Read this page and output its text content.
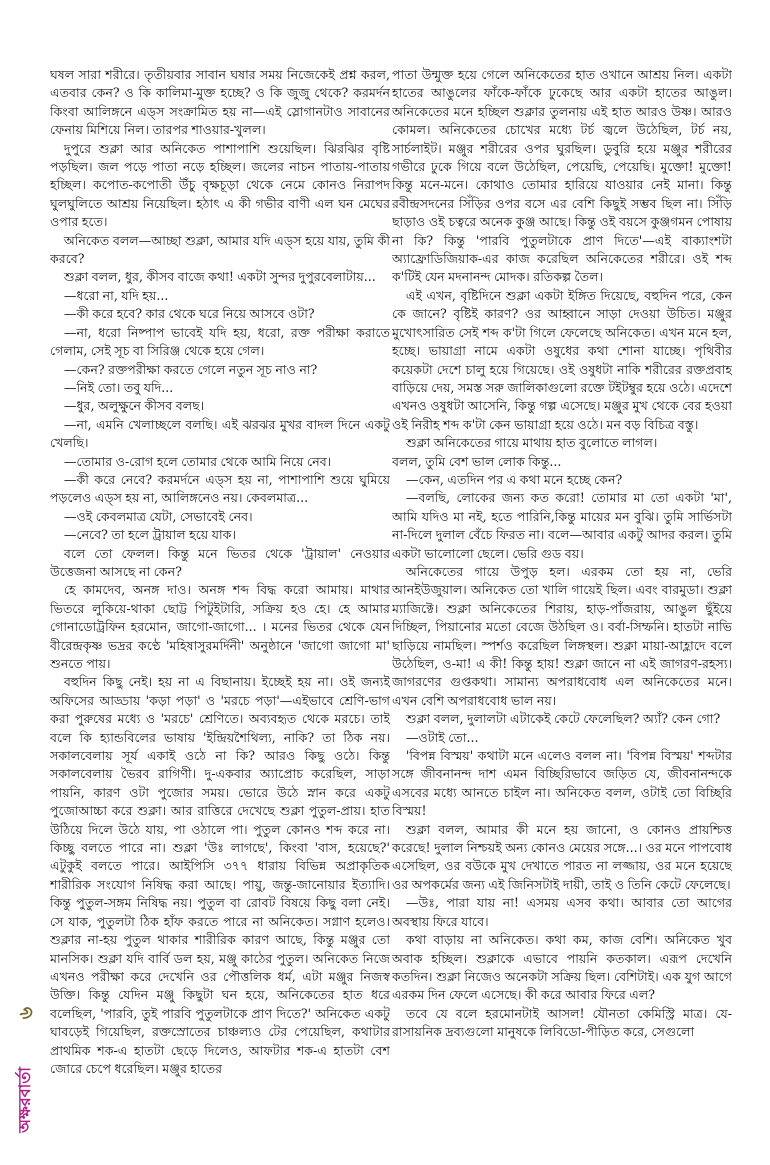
ঘষল সারা শরীরে। তৃতীয়বার সাবান ঘষার সময় নিজেকেই প্রশ্ন করল, এতবার কেন? ও কি কালিমা-মুক্ত হচ্ছে? ও কি জুজু থেকে? করমর্দন কিংবা আলিঙ্গনে এড্‌স সংক্রামিত হয় না—এই স্লোগানটাও সাবানের ফেনায় মিশিয়ে নিল। তারপর শাওয়ার-খুলল।

দুপুরে শুক্লা আর অনিকেত পাশাপাশি শুয়েছিল। ঝিরঝির বৃষ্টি পড়ছিল। জল পড়ে পাতা নড়ে হচ্ছিল। জলের নাচন পাতায়-পাতায় হচ্ছিল। কপোত-কপোতী উঁচু বৃক্ষচূড়া থেকে নেমে কোনও নিরাপদ ঘুলঘুলিতে আশ্রয় নিয়েছিল। হঠাৎ এ কী গভীর বাণী এল ঘন মেঘের ওপার হতে।

অনিকেত বলল—আচ্ছা শুক্লা, আমার যদি এড্‌স হয়ে যায়, তুমি কী করবে?

শুক্লা বলল, ধুর, কীসব বাজে কথা! একটা সুন্দর দুপুরবেলাটায়...

—ধরো না, যদি হয়...

—কী করে হবে? কার থেকে ঘরে নিয়ে আসবে ওটা?

—না, ধরো নিষ্পাপ ভাবেই যদি হয়, ধরো, রক্ত পরীক্ষা করাতে গেলাম, সেই সূচ বা সিরিঞ্জ থেকে হয়ে গেল।

—কেন? রক্তপরীক্ষা করতে গেলে নতুন সূচ নাও না?

—নিই তো। তবু যদি...

—ধুর, অলুক্ষুনে কীসব বলছ।

—না, এমনি খেলাচ্ছলে বলছি। এই ঝরঝর মুখর বাদল দিনে একটু খেলছি।

—তোমার ও-রোগ হলে তোমার থেকে আমি নিয়ে নেব।

—কী করে নেবে? করমর্দনে এড্‌স হয় না, পাশাপাশি শুয়ে ঘুমিয়ে পড়লেও এড্‌স হয় না, আলিঙ্গনেও নয়। কেবলমাত্র...

—ওই কেবলমাত্র যেটা, সেভাবেই নেব।

—নেবে? তা হলে ট্রায়াল হয়ে যাক।

বলে তো ফেলল। কিন্তু মনে ভিতর থেকে 'ট্রায়াল' নেওয়ার উত্তেজনা আসছে না কেন?

হে কামদেব, অনঙ্গ দাও। অনঙ্গ শব্দ বিদ্ধ করো আমায়। মাথার ভিতরে লুকিয়ে-থাকা ছোট্ট পিটুইটারি, সক্রিয় হও হে। হে আমার গোনাডোট্রফিন হরমোন, জাগো-জাগো... । মনের ভিতর থেকে যেন বীরেন্দ্রকৃষ্ণ ভদ্রর কণ্ঠে 'মহিষাসুরমর্দিনী' অনুষ্ঠানে 'জাগো জাগো মা' শুনতে পায়।

বহুদিন কিছু নেই। হয় না এ বিছানায়। ইচ্ছেই হয় না। ওই জন্যই অফিসের আড্ডায় 'কড়া পড়া' ও 'মরচে পড়া'—এইভাবে শ্রেণি-ভাগ করা পুরুষের মধ্যে ও 'মরচে' শ্রেণিতে। অব্যবহৃত থেকে মরচে। তাই বলে কি হ্যান্ডবিলের ভাষায় 'ইন্দ্রিয়শৈথিল্য, নাকি? তা ঠিক নয়। সকালবেলায় সূর্য একাই ওঠে না কি? আরও কিছু ওঠে। কিন্তু সকালবেলায় ভৈরব রাগিণী। দু-একবার অ্যাপ্রোচ করেছিল, সাড়া পায়নি, কারণ ওটা পুজোর সময়। ভোরে উঠে স্নান করে একটু পুজোআচ্চা করে শুক্লা। আর রাত্তিরে দেখেছে শুক্লা পুতুল-প্রায়। হাত উঠিয়ে দিলে উঠে যায়, পা ওঠালে পা। পুতুল কোনও শব্দ করে না। কিচ্ছু বলতে পারে না। শুক্লা 'উঃ লাগছে', কিংবা 'বাস, হয়েছে?' এটুকুই বলতে পারে। আইপিসি ৩৭৭ ধারায় বিভিন্ন অপ্রাকৃতিক শারীরিক সংযোগ নিষিদ্ধ করা আছে। পায়ু, জন্তু-জানোয়ার ইত্যাদি। কিন্তু পুতুল-সঙ্গম নিষিদ্ধ নয়। পুতুল বা রোবট বিষয়ে কিছু বলা নেই। সে যাক, পুতুলটা ঠিক হাঁফ করতে পারে না অনিকেত। সগ্নাণ হলেও। শুক্লার না-হয় পুতুল থাকার শারীরিক কারণ আছে, কিন্তু মঞ্জুর তো মানসিক। শুক্লা যদি বাৰ্বি ডল হয়, মঞ্জু কাঠের পুতুল। অনিকেত নিজে এখনও পরীক্ষা করে দেখেনি ওর পৌত্তলিক ধর্ম, এটা মঞ্জুর নিজস্ব উক্তি। কিন্তু যেদিন মঞ্জু কিছুটা ঘন হয়ে, অনিকেতের হাত ধরে বলেছিল, 'পারবি, তুই পারবি পুতুলটাকে প্রাণ দিতে?' অনিকেত একটু ঘাবড়েই গিয়েছিল, রক্তস্রোতের চাঞ্চল্যও টের পেয়েছিল, কথাটার প্রাথমিক শক-এ হাতটা ছেড়ে দিলেও, আফটার শক-এ হাতটা বেশ জোরে চেপে ধরেছিল। মঞ্জুর হাতের

পাতা উন্মুক্ত হয়ে গেলে অনিকেতের হাত ওখানে আশ্রয় নিল। একটা হাতের আঙুলের ফাঁকে-ফাঁকে ঢুকেছে আর একটা হাতের আঙুল। অনিকেতের মনে হচ্ছিল শুক্লার তুলনায় এই হাত আরও উষ্ণ। আরও কোমল। অনিকেতের চোখের মধ্যে টর্চ জ্বলে উঠেছিল, টর্চ নয়, সার্চলাইট। মঞ্জুর শরীরের ওপর ঘুরছিল। ডুবুরি হয়ে মঞ্জুর শরীরের গভীরে ঢুকে গিয়ে বলে উঠেছিল, পেয়েছি, পেয়েছি। মুক্তো! মুক্তো! কিন্তু মনে-মনে। কোথাও তোমার হারিয়ে যাওয়ার নেই মানা। কিন্তু রবীন্দ্রসদনের সিঁড়ির ওপর বসে এর বেশি কিছুই সম্ভব ছিল না। সিঁড়ি ছাড়াও ওই চত্বরে অনেক কুঞ্জ আছে। কিন্তু ওই বয়সে কুঞ্জগমন পোষায় না কি? কিন্তু 'পারবি পুতুলটাকে প্রাণ দিতে'—এই বাক্যাংশটা অ্যাফ্রোডিজিয়াক-এর কাজ করেছিল অনিকেতের শরীরে। ওই শব্দ ক'টিই যেন মদনানন্দ মোদক। রতিকল্প তৈল।

এই এখন, বৃষ্টিদিনে শুক্লা একটা ইঙ্গিত দিয়েছে, বহুদিন পরে, কেন কে জানে? বৃষ্টিই কারণ? ওর আহ্বানে সাড়া দেওয়া উচিত। মঞ্জুর মুখোৎসারিত সেই শব্দ ক'টা গিলে ফেলেছে অনিকেত। এখন মনে হল, হচ্ছে। ভায়াগ্রা নামে একটা ওষুধের কথা শোনা যাচ্ছে। পৃথিবীর কয়েকটা দেশে চালু হয়ে গিয়েছে। ওই ওষুধটা নাকি শরীরের রক্তপ্রবাহ বাড়িয়ে দেয়, সমস্ত সরু জালিকাগুলো রক্তে টইটম্বুর হয়ে ওঠে। এদেশে এখনও ওষুধটা আসেনি, কিন্তু গল্প এসেছে। মঞ্জুর মুখ থেকে বের হওয়া ওই নিরীহ শব্দ ক'টা কেন ভায়াগ্রা হয়ে ওঠে। মন বড় বিচিত্র বস্তু।

শুক্লা অনিকেতের গায়ে মাথায় হাত বুলোতে লাগল।

বলল, তুমি বেশ ভাল লোক কিন্তু...

—কেন, এতদিন পর এ কথা মনে হচ্ছে কেন?

—বলছি, লোকের জন্য কত করো! তোমার মা তো একটা 'মা', আমি যদিও মা নই, হতে পারিনি,কিন্তু মায়ের মন বুঝি। তুমি সার্ভিসটা না-দিলে দুলাল বেঁচে ফিরত না। বলে—আবার একটু আদর করল। তুমি একটা ভালোলো ছেলে। ভেরি গুড বয়।

অনিকেতের গায়ে উপুড় হল। এরকম তো হয় না, ভেরি আনইউজুয়াল। অনিকেত তো খালি গায়েই ছিল। এবং বারমুডা। শুক্লা ম্যাজিক্টে। শুক্লা অনিকেতের শিরায়, হাড়-পাঁজরায়, আঙুল ছুঁইয়ে দিচ্ছিল, পিয়ানোর মতো বেজে উঠছিল ও। বর্বা-সিম্ফনি। হাতটা নাভি ছাড়িয়ে নামছিল। স্পর্শও করেছিল লিঙ্গস্থল। শুক্লা মায়া-আহ্লাদে বলে উঠেছিল, ও-মা! এ কী! কিন্তু হায়! শুক্লা জানে না এই জাগরণ-রহস্য। জাগরণের গুপ্তকথা। সামান্য অপরাধবোধ এল অনিকেতের মনে। এখন বেশি অপরাধবোধ ভাল নয়।

শুক্লা বলল, দুলালটা এটাকেই কেটে ফেলেছিল? অ্যাঁ? কেন গো?

—ওটাই তো...

'বিপন্ন বিস্ময়' কথাটা মনে এলেও বলল না। 'বিপন্ন বিস্ময়' শব্দটার সঙ্গে জীবনানন্দ দাশ এমন বিচ্ছিরিভাবে জড়িত যে, জীবনানন্দকে এসবের মধ্যে আনতে চাইল না। অনিকেত বলল, ওটাই তো বিচ্ছিরি বিস্ময়!

শুক্লা বলল, আমার কী মনে হয় জানো, ও কোনও প্রায়শ্চিত্ত করেছে! দুলাল নিশ্চয়ই অন্য কোনও মেয়ের সঙ্গে...। ওর মনে পাপবোধ এসেছিল, ওর বউকে মুখ দেখাতে পারত না লজ্জায়, ওর মনে হয়েছে ওর অপকর্মের জন্য এই জিনিসটাই দায়ী, তাই ও তিনি কেটে ফেলেছে।

—উঃ, পারা যায় না! এসময় এসব কথা। আবার তো আগের অবস্থায় ফিরে যাবে।

কথা বাড়ায় না অনিকেত। কথা কম, কাজ বেশি। অনিকেত খুব অবাক হচ্ছিল। শুক্লাকে এভাবে পায়নি কতকাল। এরূপ দেখেনি কতদিন। শুক্লা নিজেও অনেকটা সক্রিয় ছিল। বেশিটাই। এক যুগ আগে এরকম দিন ফেলে এসেছে। কী করে আবার ফিরে এল?

তবে যে বলে হরমোনটাই আসল! যৌনতা কেমিস্ট্রি মাত্র। যে-রাসায়নিক দ্রব্যগুলো মানুষকে লিবিডো-পীড়িত করে, সেগুলো

৬
অক্ষরবার্তা
